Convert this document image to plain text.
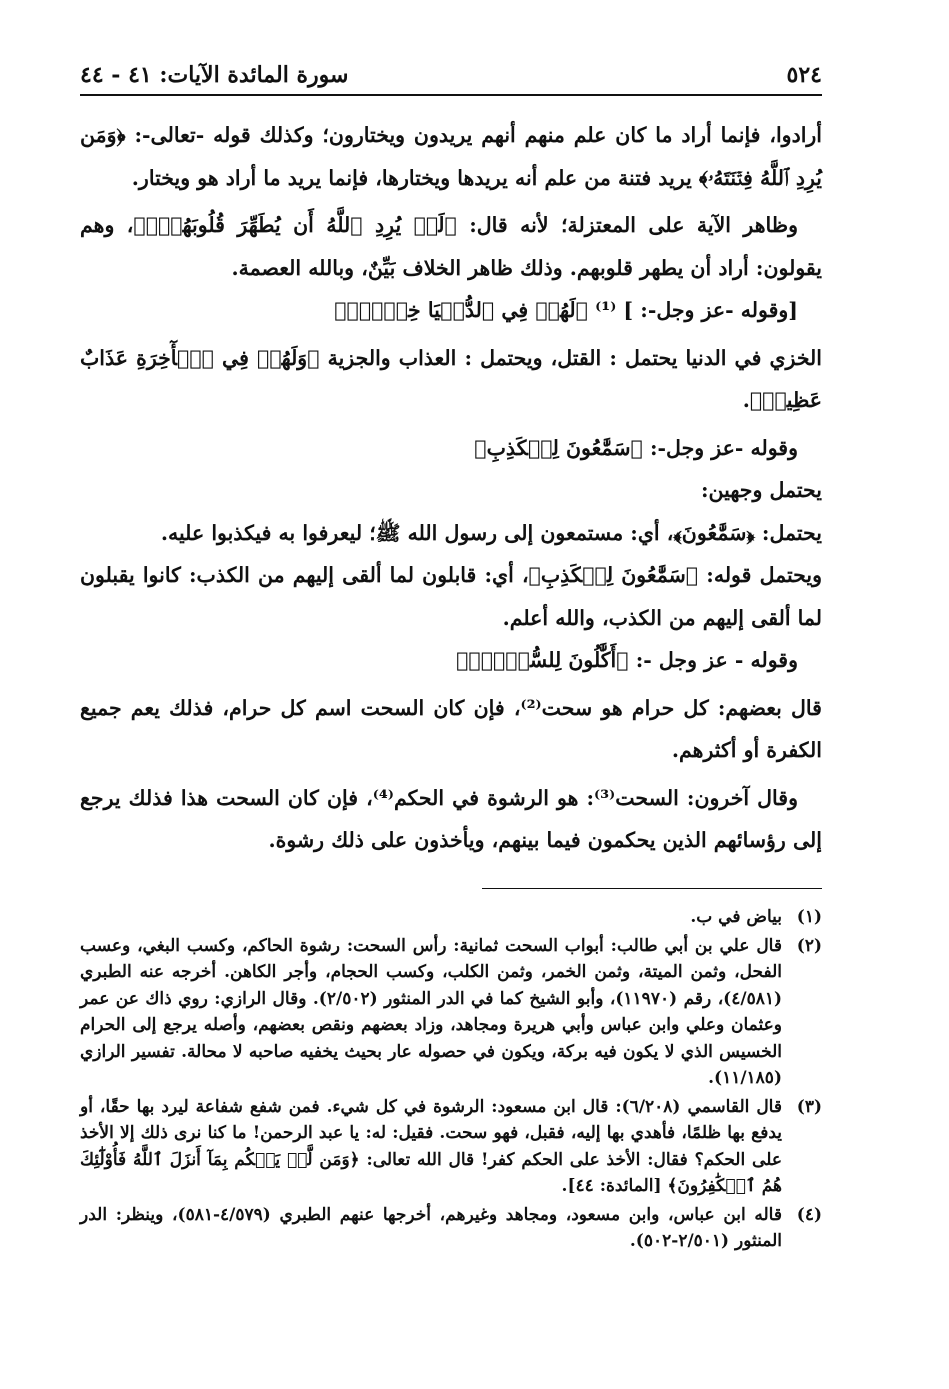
٥٢٤
سورة المائدة الآيات: ٤١ - ٤٤

أرادوا، فإنما أراد ما كان علم منهم أنهم يريدون ويختارون؛ وكذلك قوله -تعالى-: ﴿وَمَن يُرِدِ ٱللَّهُ فِتۡنَتَهُۥ﴾ يريد فتنة من علم أنه يريدها ويختارها، فإنما يريد ما أراد هو ويختار.

وظاهر الآية على المعتزلة؛ لأنه قال: ﴿لَمۡ يُرِدِ ٱللَّهُ أَن يُطَهِّرَ قُلُوبَهُمۡۚ﴾، وهم يقولون: أراد أن يطهر قلوبهم. وذلك ظاهر الخلاف بَيِّنٌ، وبالله العصمة.

[وقوله -عز وجل-: ] ⁽¹⁾ ﴿لَهُمۡ فِي ٱلدُّنۡيَا خِزۡيٞۖ﴾

الخزي في الدنيا يحتمل : القتل، ويحتمل : العذاب والجزية ﴿وَلَهُمۡ فِي ٱلۡأٓخِرَةِ عَذَابٌ عَظِيمٞ﴾.

وقوله -عز وجل-: ﴿سَمَّٰعُونَ لِلۡكَذِبِ﴾

يحتمل وجهين:

يحتمل: ﴿سَمَّٰعُونَ﴾، أي: مستمعون إلى رسول الله ﷺ؛ ليعرفوا به فيكذبوا عليه.

ويحتمل قوله: ﴿سَمَّٰعُونَ لِلۡكَذِبِ﴾، أي: قابلون لما ألقى إليهم من الكذب: كانوا يقبلون لما ألقى إليهم من الكذب، والله أعلم.

وقوله - عز وجل -: ﴿أَكَّٰلُونَ لِلسُّحۡتِۚ﴾

قال بعضهم: كل حرام هو سحت⁽²⁾، فإن كان السحت اسم كل حرام، فذلك يعم جميع الكفرة أو أكثرهم.

وقال آخرون: السحت⁽³⁾: هو الرشوة في الحكم⁽⁴⁾، فإن كان السحت هذا فذلك يرجع إلى رؤسائهم الذين يحكمون فيما بينهم، ويأخذون على ذلك رشوة.

(١)
بياض في ب.
(٢)
قال علي بن أبي طالب: أبواب السحت ثمانية: رأس السحت: رشوة الحاكم، وكسب البغي، وعسب الفحل، وثمن الميتة، وثمن الخمر، وثمن الكلب، وكسب الحجام، وأجر الكاهن. أخرجه عنه الطبري (٤/٥٨١)، رقم (١١٩٧٠)، وأبو الشيخ كما في الدر المنثور (٢/٥٠٢). وقال الرازي: روي ذاك عن عمر وعثمان وعلي وابن عباس وأبي هريرة ومجاهد، وزاد بعضهم ونقص بعضهم، وأصله يرجع إلى الحرام الخسيس الذي لا يكون فيه بركة، ويكون في حصوله عار بحيث يخفيه صاحبه لا محالة. تفسير الرازي (١١/١٨٥).
(٣)
قال القاسمي (٦/٢٠٨): قال ابن مسعود: الرشوة في كل شيء. فمن شفع شفاعة ليرد بها حقًا، أو يدفع بها ظلمًا، فأهدي بها إليه، فقبل، فهو سحت. فقيل: له: يا عبد الرحمن! ما كنا نرى ذلك إلا الأخذ على الحكم؟ فقال: الأخذ على الحكم كفر! قال الله تعالى: ﴿وَمَن لَّمۡ يَحۡكُم بِمَآ أَنزَلَ ٱللَّهُ فَأُوْلَٰٓئِكَ هُمُ ٱلۡكَٰفِرُونَ﴾ [المائدة: ٤٤].
(٤)
قاله ابن عباس، وابن مسعود، ومجاهد وغيرهم، أخرجها عنهم الطبري (٤/٥٧٩-٥٨١)، وينظر: الدر المنثور (٢/٥٠١-٥٠٢).
